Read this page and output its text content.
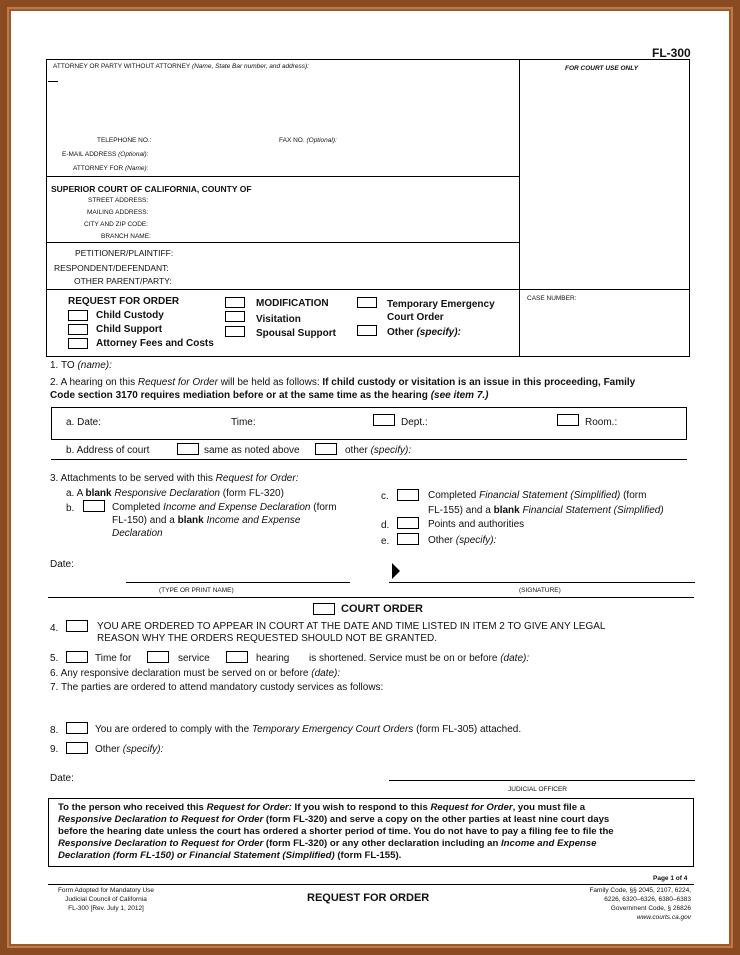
FL-300
ATTORNEY OR PARTY WITHOUT ATTORNEY (Name, State Bar number, and address):	FOR COURT USE ONLY
TELEPHONE NO.:	FAX NO. (Optional):
E-MAIL ADDRESS (Optional):
ATTORNEY FOR (Name):
SUPERIOR COURT OF CALIFORNIA, COUNTY OF
STREET ADDRESS:
MAILING ADDRESS:
CITY AND ZIP CODE:
BRANCH NAME:
PETITIONER/PLAINTIFF:
RESPONDENT/DEFENDANT:
OTHER PARENT/PARTY:
REQUEST FOR ORDER
Child Custody
Child Support
Attorney Fees and Costs
MODIFICATION
Visitation
Spousal Support
Temporary Emergency
Court Order
Other (specify):
CASE NUMBER:
1. TO (name):
2. A hearing on this Request for Order will be held as follows: If child custody or visitation is an issue in this proceeding, Family
Code section 3170 requires mediation before or at the same time as the hearing (see item 7.)
a. Date:	Time:	Dept.:	Room.:
b. Address of court	same as noted above	other (specify):
3. Attachments to be served with this Request for Order:
a. A blank Responsive Declaration (form FL-320)
b.	Completed Income and Expense Declaration (form
FL-150) and a blank Income and Expense
Declaration
c.	Completed Financial Statement (Simplified) (form
FL-155) and a blank Financial Statement (Simplified)
d.	Points and authorities
e.	Other (specify):
Date:
(TYPE OR PRINT NAME)	(SIGNATURE)
COURT ORDER
4.	YOU ARE ORDERED TO APPEAR IN COURT AT THE DATE AND TIME LISTED IN ITEM 2 TO GIVE ANY LEGAL
REASON WHY THE ORDERS REQUESTED SHOULD NOT BE GRANTED.
5.	Time for	service	hearing is shortened. Service must be on or before (date):
6. Any responsive declaration must be served on or before (date):
7. The parties are ordered to attend mandatory custody services as follows:
8.	You are ordered to comply with the Temporary Emergency Court Orders (form FL-305) attached.
9.	Other (specify):
Date:
JUDICIAL OFFICER
To the person who received this Request for Order: If you wish to respond to this Request for Order, you must file a
Responsive Declaration to Request for Order (form FL-320) and serve a copy on the other parties at least nine court days
before the hearing date unless the court has ordered a shorter period of time. You do not have to pay a filing fee to file the
Responsive Declaration to Request for Order (form FL-320) or any other declaration including an Income and Expense
Declaration (form FL-150) or Financial Statement (Simplified) (form FL-155).
Page 1 of 4
Form Adopted for Mandatory Use
Judicial Council of California
FL-300 [Rev. July 1, 2012]
REQUEST FOR ORDER
Family Code, §§ 2045, 2107, 6224,
6226, 6320–6326, 6380–6383
Government Code, § 26826
www.courts.ca.gov
